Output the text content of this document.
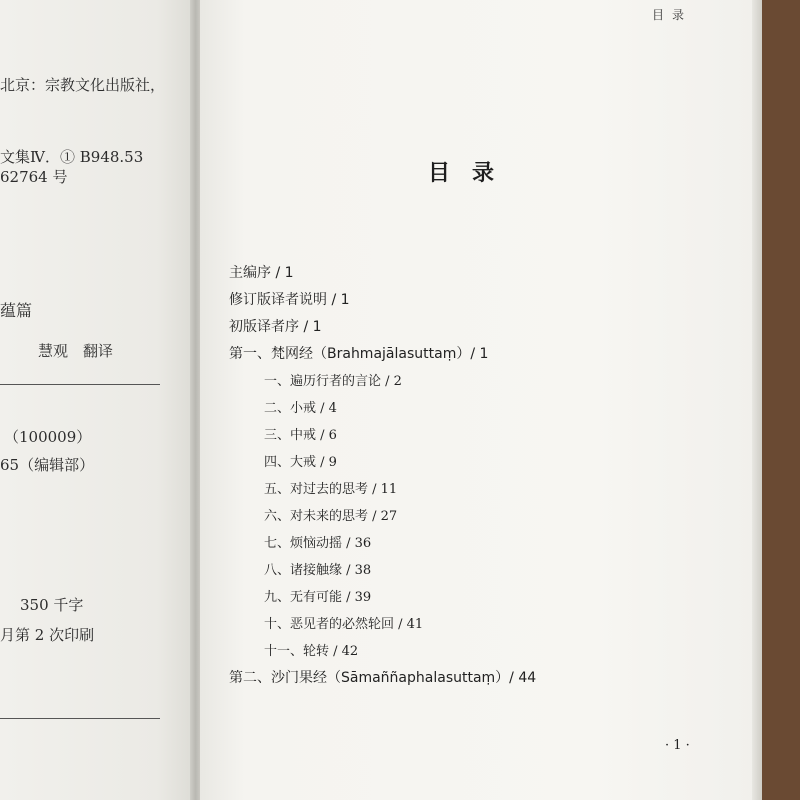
北京：宗教文化出版社，
文集Ⅳ．① B948.53
62764 号
蕴篇
慧观　翻译
（100009）
65（编辑部）
350 千字
月第 2 次印刷
目录
目录
主编序 / 1
修订版译者说明 / 1
初版译者序 / 1
第一、梵网经（Brahmajālasuttaṃ）/ 1
一、遍历行者的言论 / 2
二、小戒 / 4
三、中戒 / 6
四、大戒 / 9
五、对过去的思考 / 11
六、对未来的思考 / 27
七、烦恼动摇 / 36
八、诸接触缘 / 38
九、无有可能 / 39
十、恶见者的必然轮回 / 41
十一、轮转 / 42
第二、沙门果经（Sāmaññaphalasuttaṃ）/ 44
· 1 ·
